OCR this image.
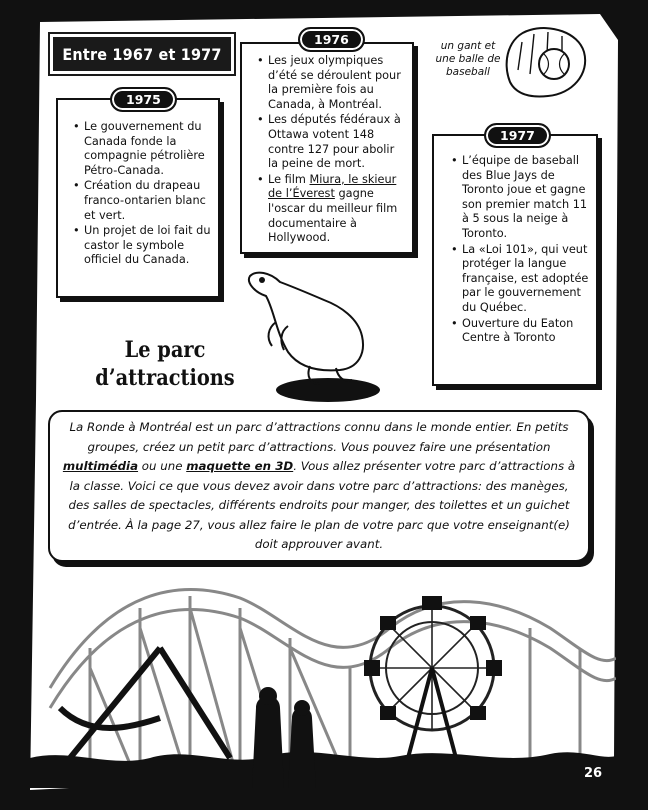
Entre 1967 et 1977
• Le gouvernement du Canada fonde la compagnie pétrolière Pétro-Canada.
• Création du drapeau franco-ontarien blanc et vert.
• Un projet de loi fait du castor le symbole officiel du Canada.
1975
• Les jeux olympiques d’été se déroulent pour la première fois au Canada, à Montréal.
• Les députés fédéraux à Ottawa votent 148 contre 127 pour abolir la peine de mort.
• Le film Miura, le skieur de l’Éverest gagne l'oscar du meilleur film documentaire à Hollywood.
1976	un gant et une balle de baseball
• L’équipe de baseball des Blue Jays de Toronto joue et gagne son premier match 11 à 5 sous la neige à Toronto.
• La «Loi 101», qui veut protéger la langue française, est adoptée par le gouvernement du Québec.
• Ouverture du Eaton Centre à Toronto
1977
Le parc
d’attractions

La Ronde à Montréal est un parc d’attractions connu dans le monde entier. En petits groupes, créez un petit parc d’attractions. Vous pouvez faire une présentation multimédia ou une maquette en 3D. Vous allez présenter votre parc d’attractions à la classe. Voici ce que vous devez avoir dans votre parc d’attractions: des manèges, des salles de spectacles, différents endroits pour manger, des toilettes et un guichet d’entrée. À la page 27, vous allez faire le plan de votre parc que votre enseignant(e) doit approuver avant.

26
